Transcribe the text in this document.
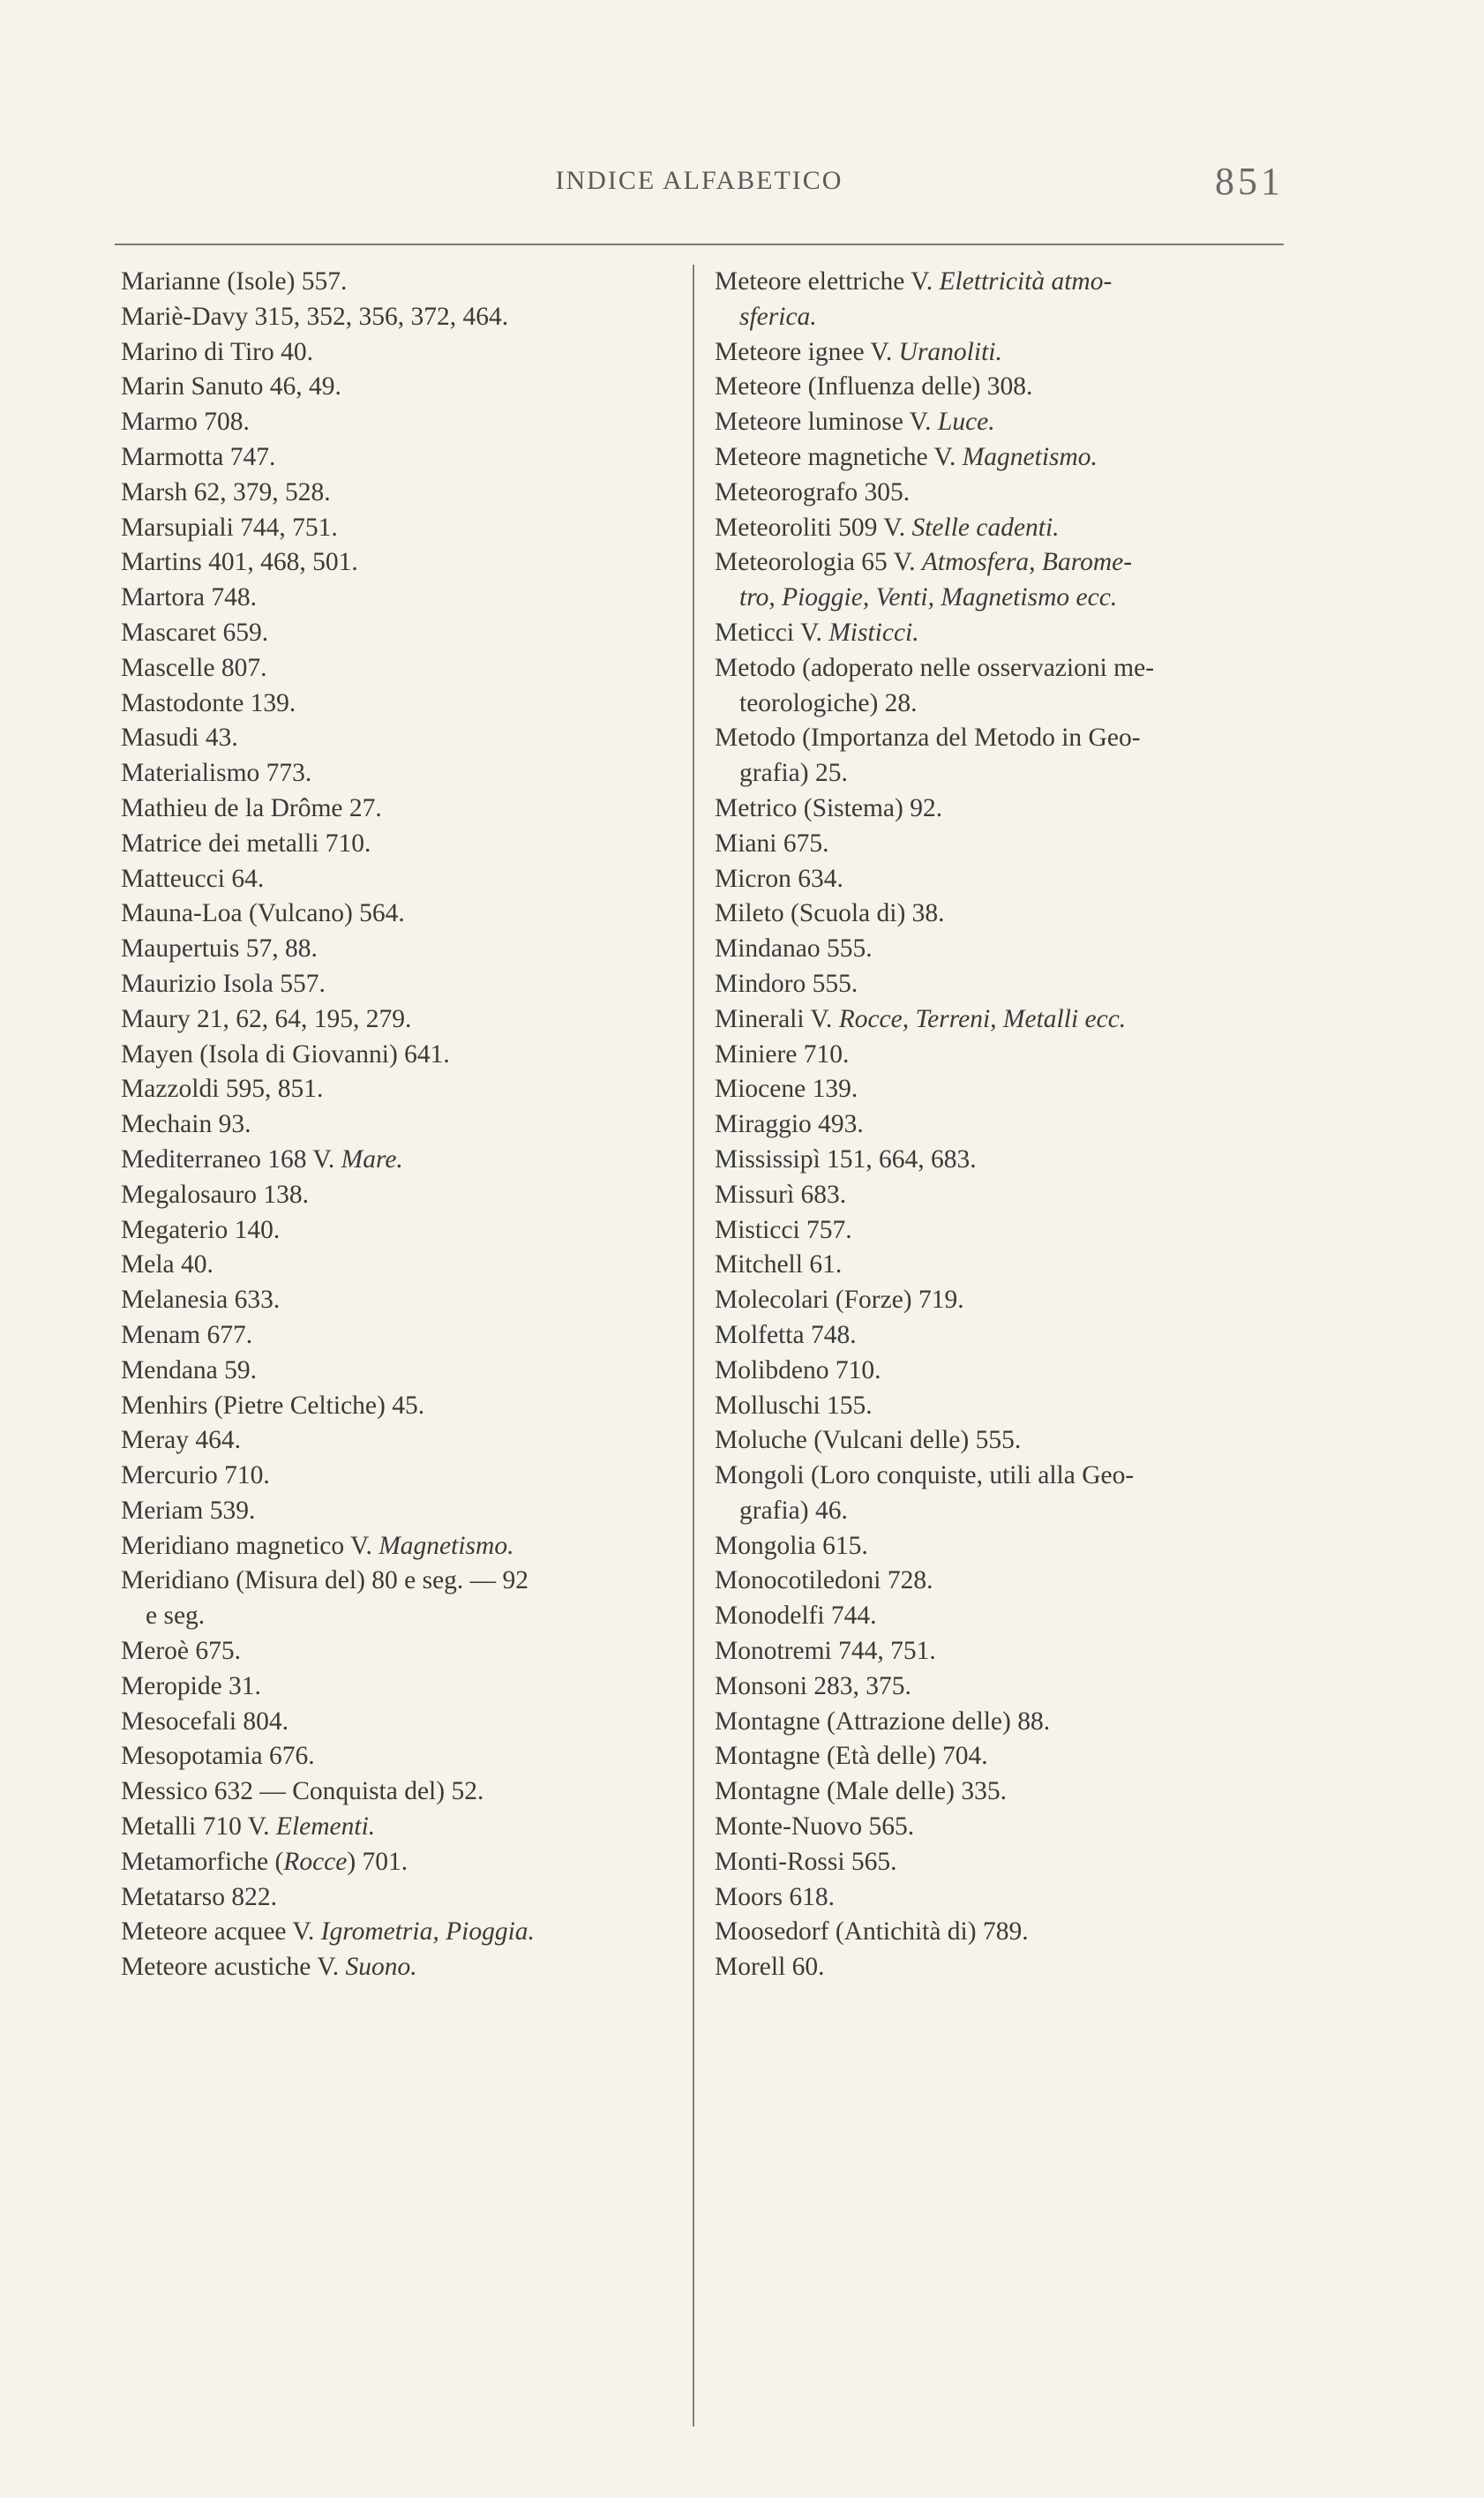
INDICE ALFABETICO	851
Marianne (Isole) 557.
Mariè-Davy 315, 352, 356, 372, 464.
Marino di Tiro 40.
Marin Sanuto 46, 49.
Marmo 708.
Marmotta 747.
Marsh 62, 379, 528.
Marsupiali 744, 751.
Martins 401, 468, 501.
Martora 748.
Mascaret 659.
Mascelle 807.
Mastodonte 139.
Masudi 43.
Materialismo 773.
Mathieu de la Drôme 27.
Matrice dei metalli 710.
Matteucci 64.
Mauna-Loa (Vulcano) 564.
Maupertuis 57, 88.
Maurizio Isola 557.
Maury 21, 62, 64, 195, 279.
Mayen (Isola di Giovanni) 641.
Mazzoldi 595, 851.
Mechain 93.
Mediterraneo 168 V. Mare.
Megalosauro 138.
Megaterio 140.
Mela 40.
Melanesia 633.
Menam 677.
Mendana 59.
Menhirs (Pietre Celtiche) 45.
Meray 464.
Mercurio 710.
Meriam 539.
Meridiano magnetico V. Magnetismo.
Meridiano (Misura del) 80 e seg. — 92
e seg.
Meroè 675.
Meropide 31.
Mesocefali 804.
Mesopotamia 676.
Messico 632 — Conquista del) 52.
Metalli 710 V. Elementi.
Metamorfiche (Rocce) 701.
Metatarso 822.
Meteore acquee V. Igrometria, Pioggia.
Meteore acustiche V. Suono.
Meteore elettriche V. Elettricità atmo-
sferica.
Meteore ignee V. Uranoliti.
Meteore (Influenza delle) 308.
Meteore luminose V. Luce.
Meteore magnetiche V. Magnetismo.
Meteorografo 305.
Meteoroliti 509 V. Stelle cadenti.
Meteorologia 65 V. Atmosfera, Barome-
tro, Pioggie, Venti, Magnetismo ecc.
Meticci V. Misticci.
Metodo (adoperato nelle osservazioni me-
teorologiche) 28.
Metodo (Importanza del Metodo in Geo-
grafia) 25.
Metrico (Sistema) 92.
Miani 675.
Micron 634.
Mileto (Scuola di) 38.
Mindanao 555.
Mindoro 555.
Minerali V. Rocce, Terreni, Metalli ecc.
Miniere 710.
Miocene 139.
Miraggio 493.
Mississipì 151, 664, 683.
Missurì 683.
Misticci 757.
Mitchell 61.
Molecolari (Forze) 719.
Molfetta 748.
Molibdeno 710.
Molluschi 155.
Moluche (Vulcani delle) 555.
Mongoli (Loro conquiste, utili alla Geo-
grafia) 46.
Mongolia 615.
Monocotiledoni 728.
Monodelfi 744.
Monotremi 744, 751.
Monsoni 283, 375.
Montagne (Attrazione delle) 88.
Montagne (Età delle) 704.
Montagne (Male delle) 335.
Monte-Nuovo 565.
Monti-Rossi 565.
Moors 618.
Moosedorf (Antichità di) 789.
Morell 60.
